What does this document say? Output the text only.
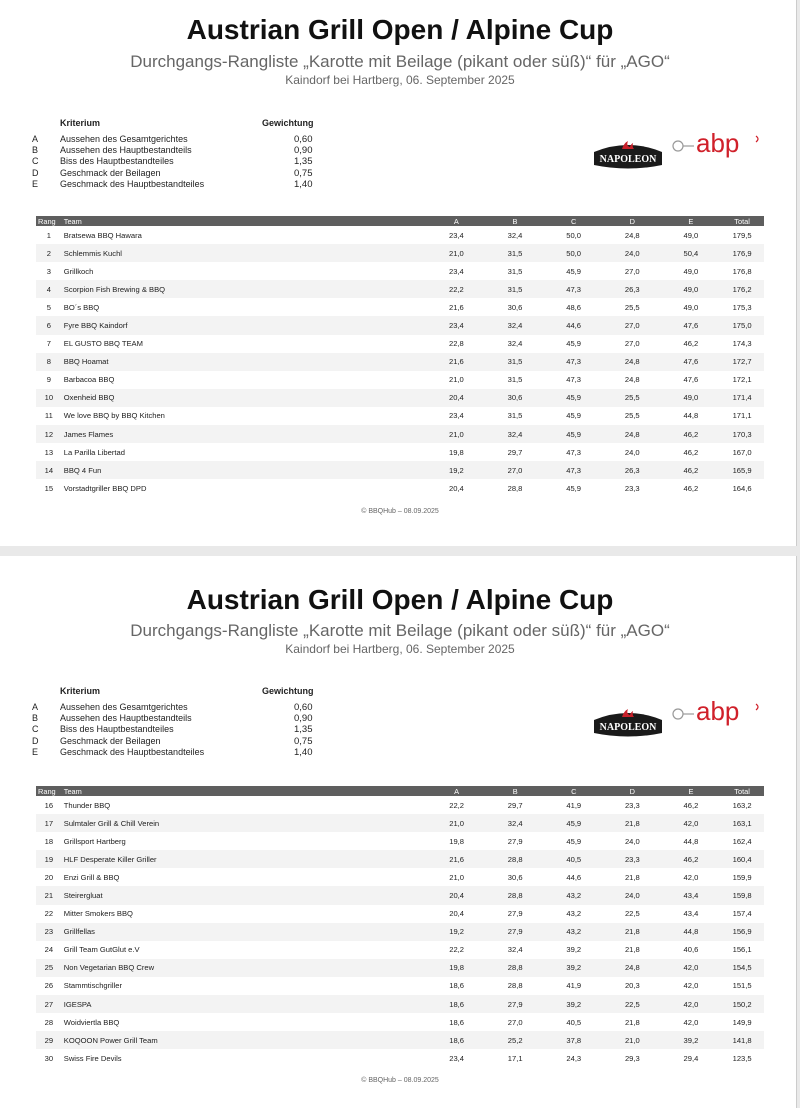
Austrian Grill Open / Alpine Cup
Durchgangs-Rangliste „Karotte mit Beilage (pikant oder süß)“ für „AGO“
Kaindorf bei Hartberg, 06. September 2025
Kriterium	Gewichtung
A Aussehen des Gesamtgerichtes	0,60
B Aussehen des Hauptbestandteils	0,90
C Biss des Hauptbestandteiles	1,35
D Geschmack der Beilagen	0,75
E Geschmack des Hauptbestandteiles	1,40
NAPOLEON
abp
Rang	Team	A	B	C	D	E	Total
1	Bratsewa BBQ Hawara	23,4	32,4	50,0	24,8	49,0	179,5
2	Schlemmis Kuchl	21,0	31,5	50,0	24,0	50,4	176,9
3	Grillkoch	23,4	31,5	45,9	27,0	49,0	176,8
4	Scorpion Fish Brewing & BBQ	22,2	31,5	47,3	26,3	49,0	176,2
5	BO´s BBQ	21,6	30,6	48,6	25,5	49,0	175,3
6	Fyre BBQ Kaindorf	23,4	32,4	44,6	27,0	47,6	175,0
7	EL GUSTO BBQ TEAM	22,8	32,4	45,9	27,0	46,2	174,3
8	BBQ Hoamat	21,6	31,5	47,3	24,8	47,6	172,7
9	Barbacoa BBQ	21,0	31,5	47,3	24,8	47,6	172,1
10	Oxenheid BBQ	20,4	30,6	45,9	25,5	49,0	171,4
11	We love BBQ by BBQ Kitchen	23,4	31,5	45,9	25,5	44,8	171,1
12	James Flames	21,0	32,4	45,9	24,8	46,2	170,3
13	La Parilla Libertad	19,8	29,7	47,3	24,0	46,2	167,0
14	BBQ 4 Fun	19,2	27,0	47,3	26,3	46,2	165,9
15	Vorstadtgriller BBQ DPD	20,4	28,8	45,9	23,3	46,2	164,6
© BBQHub – 08.09.2025
Austrian Grill Open / Alpine Cup
Durchgangs-Rangliste „Karotte mit Beilage (pikant oder süß)“ für „AGO“
Kaindorf bei Hartberg, 06. September 2025
Kriterium	Gewichtung
A Aussehen des Gesamtgerichtes	0,60
B Aussehen des Hauptbestandteils	0,90
C Biss des Hauptbestandteiles	1,35
D Geschmack der Beilagen	0,75
E Geschmack des Hauptbestandteiles	1,40
NAPOLEON
abp
Rang	Team	A	B	C	D	E	Total
16	Thunder BBQ	22,2	29,7	41,9	23,3	46,2	163,2
17	Sulmtaler Grill & Chill Verein	21,0	32,4	45,9	21,8	42,0	163,1
18	Grillsport Hartberg	19,8	27,9	45,9	24,0	44,8	162,4
19	HLF Desperate Killer Griller	21,6	28,8	40,5	23,3	46,2	160,4
20	Enzi Grill & BBQ	21,0	30,6	44,6	21,8	42,0	159,9
21	Steirergluat	20,4	28,8	43,2	24,0	43,4	159,8
22	Mitter Smokers BBQ	20,4	27,9	43,2	22,5	43,4	157,4
23	Grillfellas	19,2	27,9	43,2	21,8	44,8	156,9
24	Grill Team GutGlut e.V	22,2	32,4	39,2	21,8	40,6	156,1
25	Non Vegetarian BBQ Crew	19,8	28,8	39,2	24,8	42,0	154,5
26	Stammtischgriller	18,6	28,8	41,9	20,3	42,0	151,5
27	IGESPA	18,6	27,9	39,2	22,5	42,0	150,2
28	Woidviertla BBQ	18,6	27,0	40,5	21,8	42,0	149,9
29	KOQOON Power Grill Team	18,6	25,2	37,8	21,0	39,2	141,8
30	Swiss Fire Devils	23,4	17,1	24,3	29,3	29,4	123,5
© BBQHub – 08.09.2025
